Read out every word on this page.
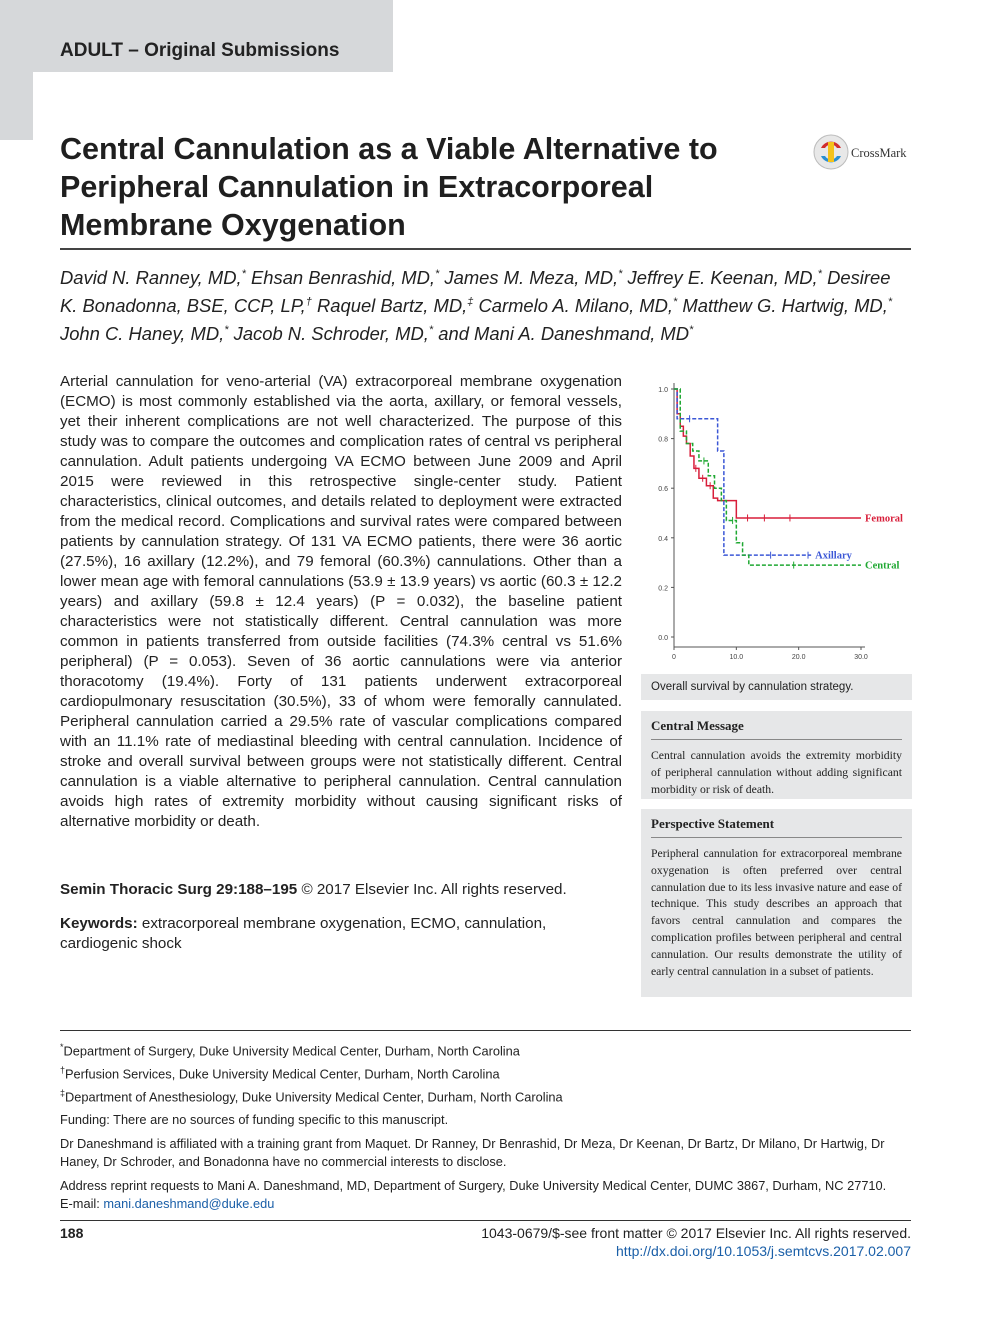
ADULT – Original Submissions
Central Cannulation as a Viable Alternative to Peripheral Cannulation in Extracorporeal Membrane Oxygenation
CrossMark
David N. Ranney, MD,* Ehsan Benrashid, MD,* James M. Meza, MD,* Jeffrey E. Keenan, MD,* Desiree K. Bonadonna, BSE, CCP, LP,† Raquel Bartz, MD,‡ Carmelo A. Milano, MD,* Matthew G. Hartwig, MD,* John C. Haney, MD,* Jacob N. Schroder, MD,* and Mani A. Daneshmand, MD*
Arterial cannulation for veno-arterial (VA) extracorporeal membrane oxygenation (ECMO) is most commonly established via the aorta, axillary, or femoral vessels, yet their inherent complications are not well characterized. The purpose of this study was to compare the outcomes and complication rates of central vs peripheral cannulation. Adult patients undergoing VA ECMO between June 2009 and April 2015 were reviewed in this retrospective single-center study. Patient characteristics, clinical outcomes, and details related to deployment were extracted from the medical record. Complications and survival rates were compared between patients by cannulation strategy. Of 131 VA ECMO patients, there were 36 aortic (27.5%), 16 axillary (12.2%), and 79 femoral (60.3%) cannulations. Other than a lower mean age with femoral cannulations (53.9 ± 13.9 years) vs aortic (60.3 ± 12.2 years) and axillary (59.8 ± 12.4 years) (P = 0.032), the baseline patient characteristics were not statistically different. Central cannulation was more common in patients transferred from outside facilities (74.3% central vs 51.6% peripheral) (P = 0.053). Seven of 36 aortic cannulations were via anterior thoracotomy (19.4%). Forty of 131 patients underwent extracorporeal cardiopulmonary resuscitation (30.5%), 33 of whom were femorally cannulated. Peripheral cannulation carried a 29.5% rate of vascular complications compared with an 11.1% rate of mediastinal bleeding with central cannulation. Incidence of stroke and overall survival between groups were not statistically different. Central cannulation is a viable alternative to peripheral cannulation. Central cannulation avoids high rates of extremity morbidity without causing significant risks of alternative morbidity or death.
Semin Thoracic Surg 29:188–195 © 2017 Elsevier Inc. All rights reserved.
Keywords: extracorporeal membrane oxygenation, ECMO, cannulation, cardiogenic shock
0.0
0.2
0.4
0.6
0.8
1.0
0	10.0	20.0	30.0
Femoral
Axillary
Central
Overall survival by cannulation strategy.
Central Message

Central cannulation avoids the extremity morbidity of peripheral cannulation without adding significant morbidity or risk of death.

Perspective Statement

Peripheral cannulation for extracorporeal membrane oxygenation is often preferred over central cannulation due to its less invasive nature and ease of technique. This study describes an approach that favors central cannulation and compares the complication profiles between peripheral and central cannulation. Our results demonstrate the utility of early central cannulation in a subset of patients.

*Department of Surgery, Duke University Medical Center, Durham, North Carolina

†Perfusion Services, Duke University Medical Center, Durham, North Carolina

‡Department of Anesthesiology, Duke University Medical Center, Durham, North Carolina

Funding: There are no sources of funding specific to this manuscript.

Dr Daneshmand is affiliated with a training grant from Maquet. Dr Ranney, Dr Benrashid, Dr Meza, Dr Keenan, Dr Bartz, Dr Milano, Dr Hartwig, Dr Haney, Dr Schroder, and Bonadonna have no commercial interests to disclose.

Address reprint requests to Mani A. Daneshmand, MD, Department of Surgery, Duke University Medical Center, DUMC 3867, Durham, NC 27710.

E-mail: mani.daneshmand@duke.edu

188	1043-0679/$-see front matter © 2017 Elsevier Inc. All rights reserved.
http://dx.doi.org/10.1053/j.semtcvs.2017.02.007
